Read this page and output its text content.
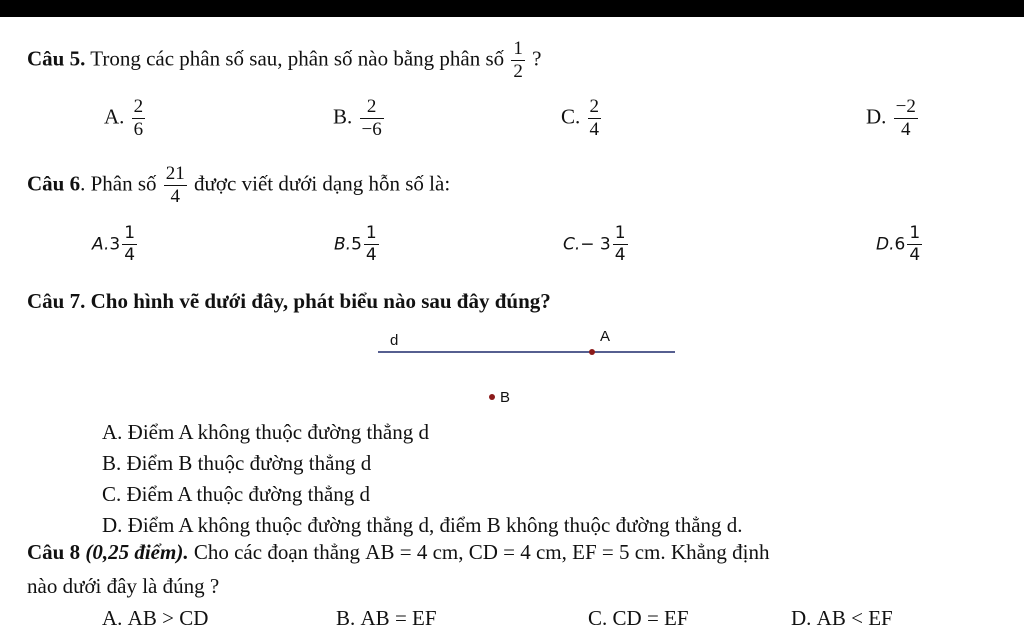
Câu 5. Trong các phân số sau, phân số nào bằng phân số $\frac{1}{2}$ ?
A. $\frac{2}{6}$	B. $\frac{2}{-6}$	C. $\frac{2}{4}$	D. $\frac{-2}{4}$
Câu 6. Phân số $\frac{21}{4}$ được viết dưới dạng hỗn số là:
$A.3 \frac{1}{4}$	$B.5 \frac{1}{4}$	$C.- 3 \frac{1}{4}$	$D.6 \frac{1}{4}$
Câu 7. Cho hình vẽ dưới đây, phát biểu nào sau đây đúng?
d	A
B
A. Điểm A không thuộc đường thẳng d
B. Điểm B thuộc đường thẳng d
C. Điểm A thuộc đường thẳng d
D. Điểm A không thuộc đường thẳng d, điểm B không thuộc đường thẳng d.
Câu 8 (0,25 điểm). Cho các đoạn thẳng AB = 4 cm, CD = 4 cm, EF = 5 cm. Khẳng định
nào dưới đây là đúng ?
A. AB > CD	B. AB = EF	C. CD = EF	D. AB < EF
